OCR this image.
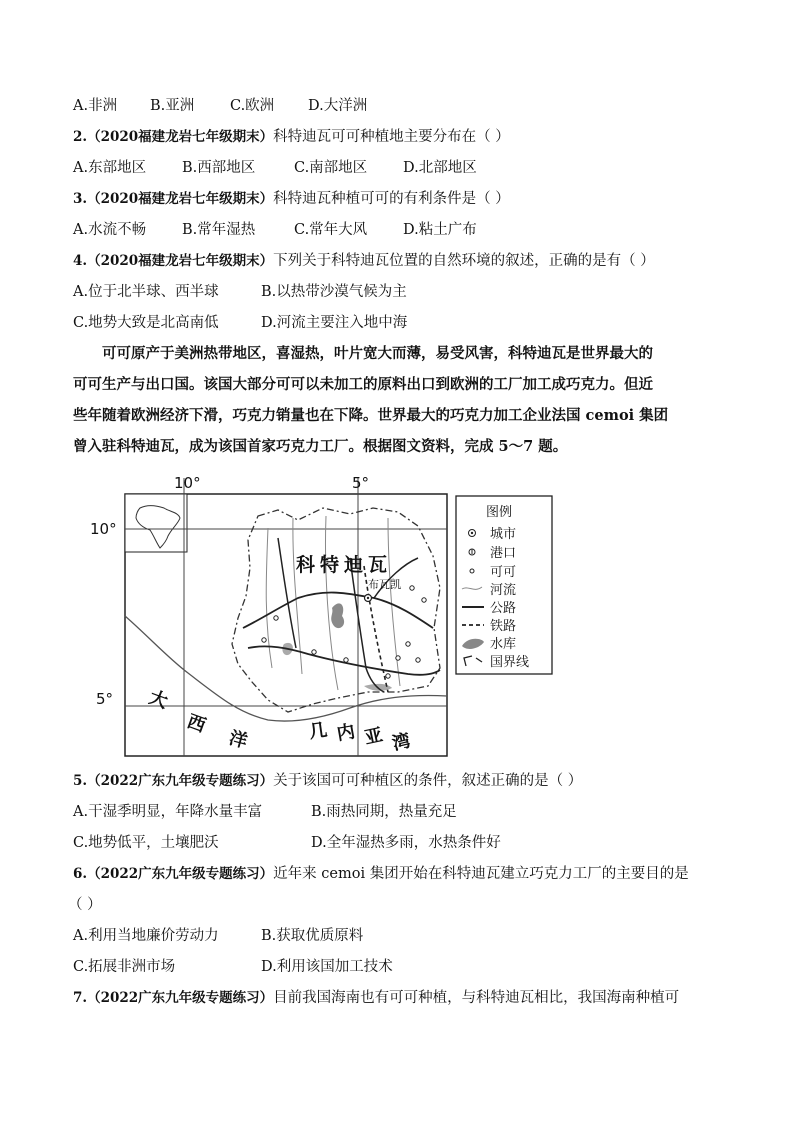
A.非洲 B.亚洲 C.欧洲 D.大洋洲
2.（2020福建龙岩七年级期末）科特迪瓦可可种植地主要分布在（ ）
A.东部地区 B.西部地区	C.南部地区 D.北部地区
3.（2020福建龙岩七年级期末）科特迪瓦种植可可的有利条件是（ ）
A.水流不畅 B.常年湿热	C.常年大风 D.粘土广布
4.（2020福建龙岩七年级期末）下列关于科特迪瓦位置的自然环境的叙述，正确的是有（ ）
A.位于北半球、西半球	B.以热带沙漠气候为主
C.地势大致是北高南低	D.河流主要注入地中海
可可原产于美洲热带地区，喜湿热，叶片宽大而薄，易受风害，科特迪瓦是世界最大的
可可生产与出口国。该国大部分可可以未加工的原料出口到欧洲的工厂加工成巧克力。但近
些年随着欧洲经济下滑，巧克力销量也在下降。世界最大的巧克力加工企业法国 cemoi 集团
曾入驻科特迪瓦，成为该国首家巧克力工厂。根据图文资料，完成 5～7 题。
10°	5°
10°
5°
科特迪瓦
布瓦凯
大
西
洋	几 内 亚 湾
图例
城市
港口
可可
河流
公路
铁路
水库
国界线
5.（2022广东九年级专题练习）关于该国可可种植区的条件，叙述正确的是（ ）
A.干湿季明显，年降水量丰富	B.雨热同期，热量充足
C.地势低平，土壤肥沃	D.全年湿热多雨，水热条件好
6.（2022广东九年级专题练习）近年来 cemoi 集团开始在科特迪瓦建立巧克力工厂的主要目的是
（ ）
A.利用当地廉价劳动力	B.获取优质原料
C.拓展非洲市场	D.利用该国加工技术
7.（2022广东九年级专题练习）目前我国海南也有可可种植，与科特迪瓦相比，我国海南种植可
